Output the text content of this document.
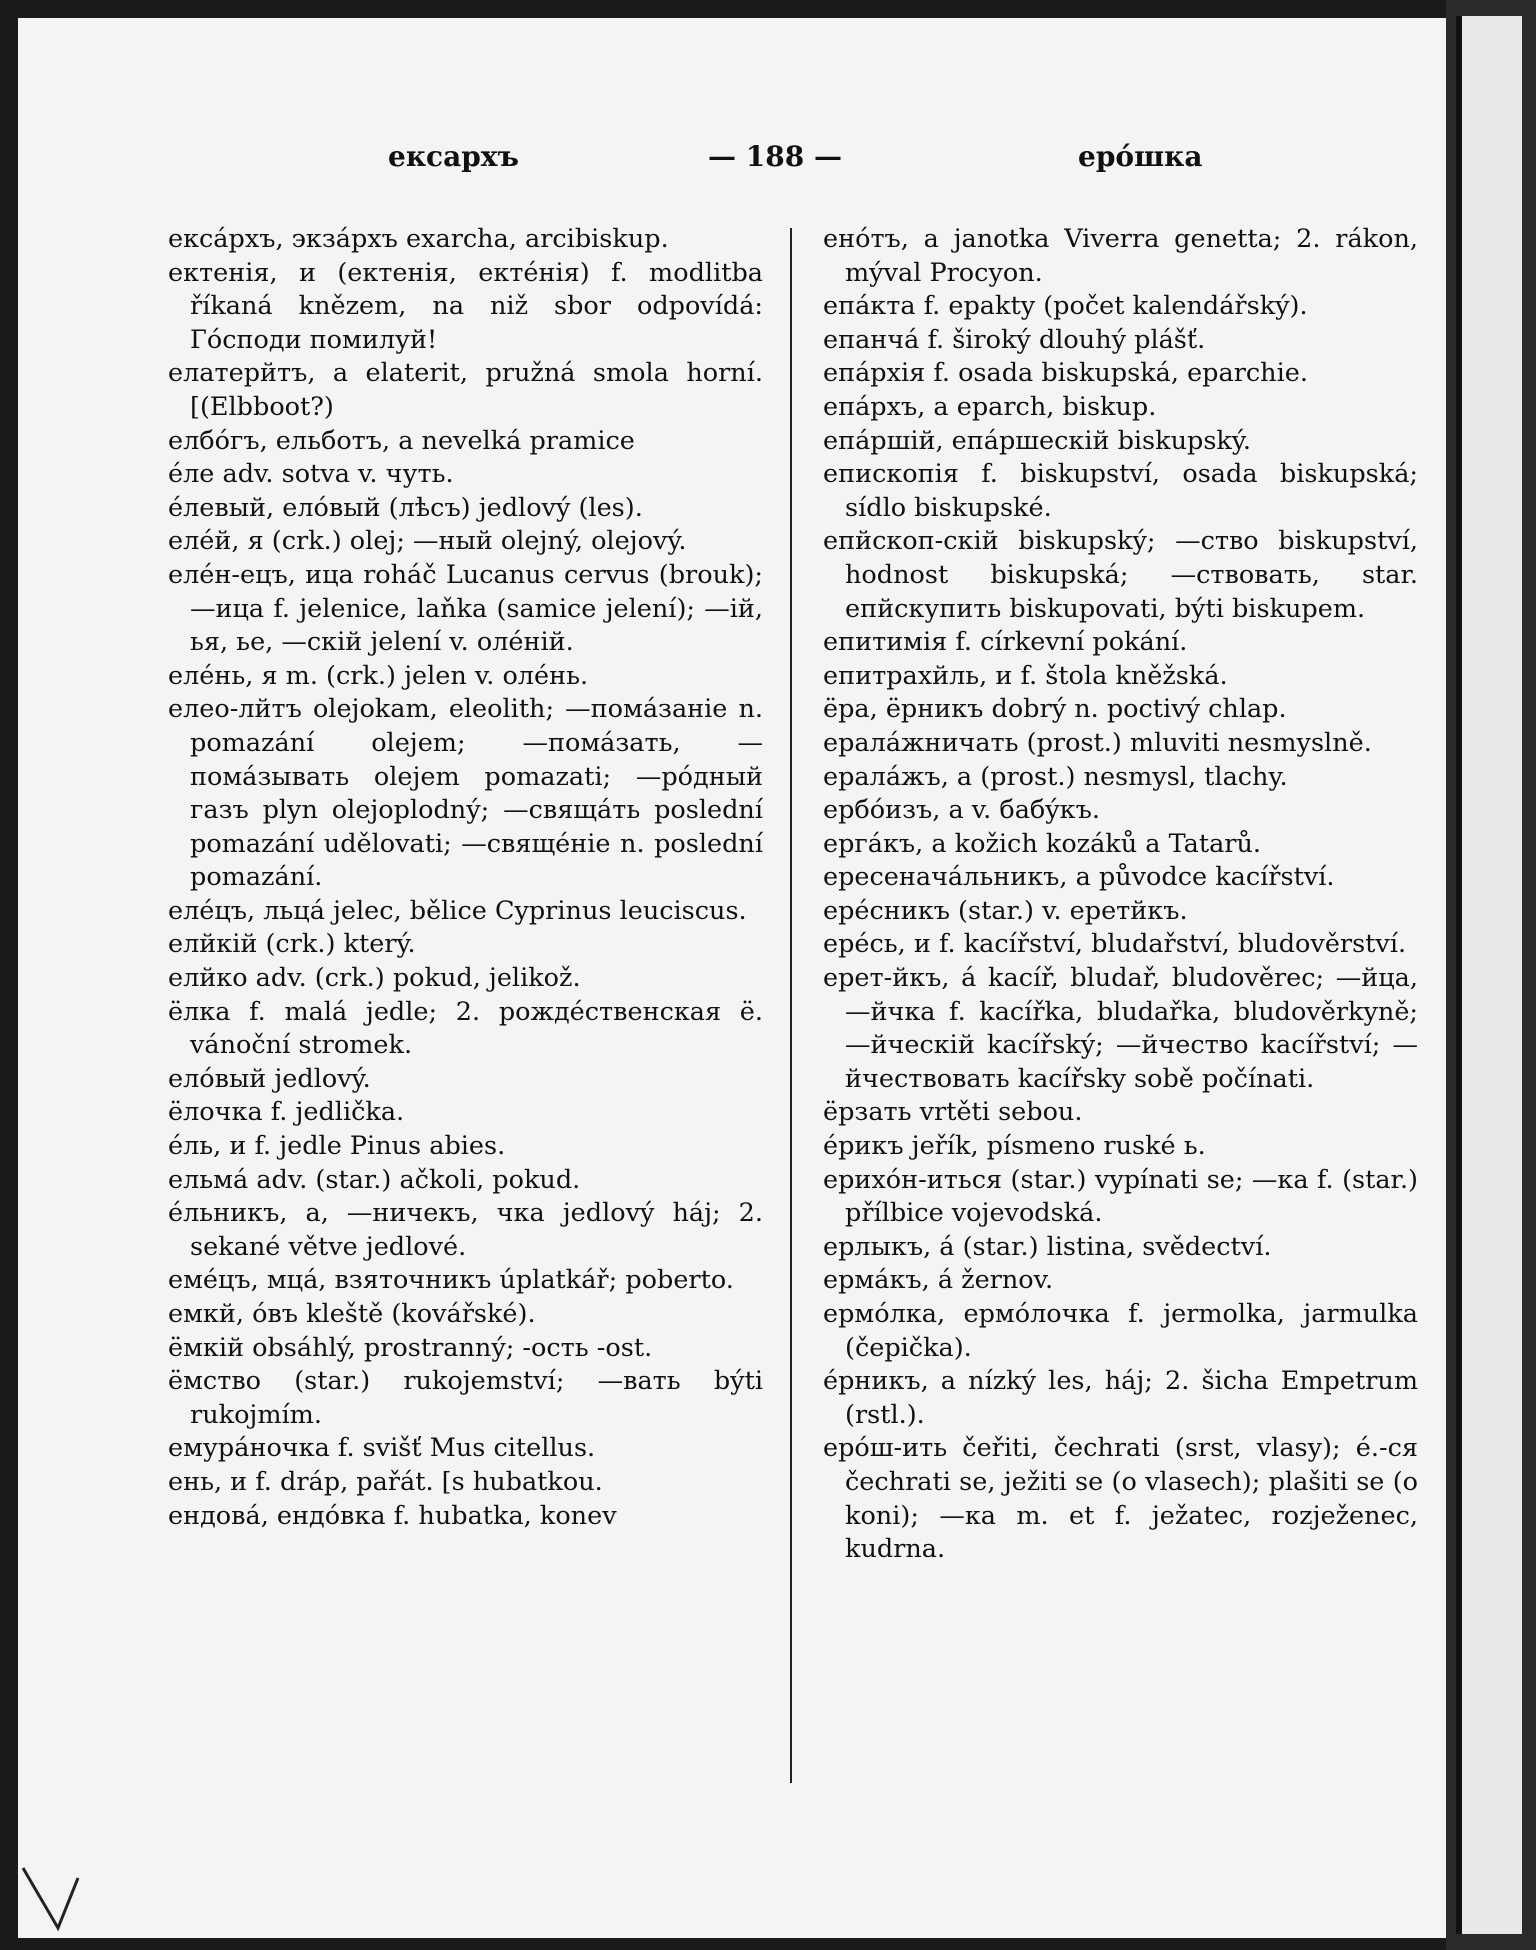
ексархъ	— 188 —	ерóшка

ексáрхъ, экзáрхъ exarcha, arcibiskup.

ектенія, и (ектенія, ектéнія) f. modlitba říkaná knězem, na niž sbor odpovídá: Гóсподи помилуй!

елатерйтъ, а elaterit, pružná smola horní. [(Elbboot?)

елбóгъ, ельботъ, а nevelká pramice

éле adv. sotva v. чуть.

éлевый, елóвый (лѣсъ) jedlový (les).

елéй, я (crk.) olej; —ный olejný, olejový.

елéн-ецъ, ица roháč Lucanus cervus (brouk); —ица f. jelenice, laňka (samice jelení); —ій, ья, ье, —скій jelení v. олéній.

елéнь, я m. (crk.) jelen v. олéнь.

елео-лйтъ olejokam, eleolith; —помáзаніе n. pomazání olejem; —помáзать, —помáзывать olejem pomazati; —рóдный газъ plyn olejoplodný; —свящáть poslední pomazání udělovati; —свящéніе n. poslední pomazání.

елéцъ, льцá jelec, bělice Cyprinus leuciscus.

елйкій (crk.) který.

елйко adv. (crk.) pokud, jelikož.

ёлка f. malá jedle; 2. рождéственская ё. vánoční stromek.

елóвый jedlový.

ёлочка f. jedlička.

éль, и f. jedle Pinus abies.

ельмá adv. (star.) ačkoli, pokud.

éльникъ, а, —ничекъ, чка jedlový háj; 2. sekané větve jedlové.

емéцъ, мцá, взяточникъ úplatkář; poberto.

емкй, óвъ kleště (kovářské).

ёмкій obsáhlý, prostranný; -ость -ost.

ёмство (star.) rukojemství; —вать býti rukojmím.

емурáночка f. svišť Mus citellus.

ень, и f. dráp, pařát. [s hubatkou.

ендовá, ендóвка f. hubatka, konev

енóтъ, а janotka Viverra genetta; 2. rákon, mýval Procyon.

епáкта f. epakty (počet kalendářský).

епанчá f. široký dlouhý plášť.

епáрхія f. osada biskupská, eparchie.

епáрхъ, а eparch, biskup.

епáршій, епáршескій biskupský.

епископія f. biskupství, osada biskupská; sídlo biskupské.

епйскоп-скій biskupský; —ство biskupství, hodnost biskupská; —ствовать, star. епйскупить biskupovati, býti biskupem.

епитимія f. církevní pokání.

епитрахйль, и f. štola kněžská.

ёра, ёрникъ dobrý n. poctivý chlap.

ералáжничать (prost.) mluviti nesmyslně.

ералáжъ, а (prost.) nesmysl, tlachy.

ербóизъ, а v. бабýкъ.

ергáкъ, а kožich kozáků a Tatarů.

ересеначáльникъ, а původce kacířství.

ерéсникъ (star.) v. еретйкъ.

ерéсь, и f. kacířství, bludařství, bludověrství.

ерет-йкъ, á kacíř, bludař, bludověrec; —йца, —йчка f. kacířka, bludařka, bludověrkyně; —йческій kacířský; —йчество kacířství; —йчествовать kacířsky sobě počínati.

ёрзать vrtěti sebou.

éрикъ jeřík, písmeno ruské ь.

ерихóн-иться (star.) vypínati se; —ка f. (star.) přílbice vojevodská.

ерлыкъ, á (star.) listina, svědectví.

ермáкъ, á žernov.

ермóлка, ермóлочка f. jermolka, jarmulka (čepička).

éрникъ, а nízký les, háj; 2. šicha Empetrum (rstl.).

ерóш-ить čeřiti, čechrati (srst, vlasy); é.-ся čechrati se, ježiti se (o vlasech); plašiti se (o koni); —ка m. et f. ježatec, rozježenec, kudrna.
